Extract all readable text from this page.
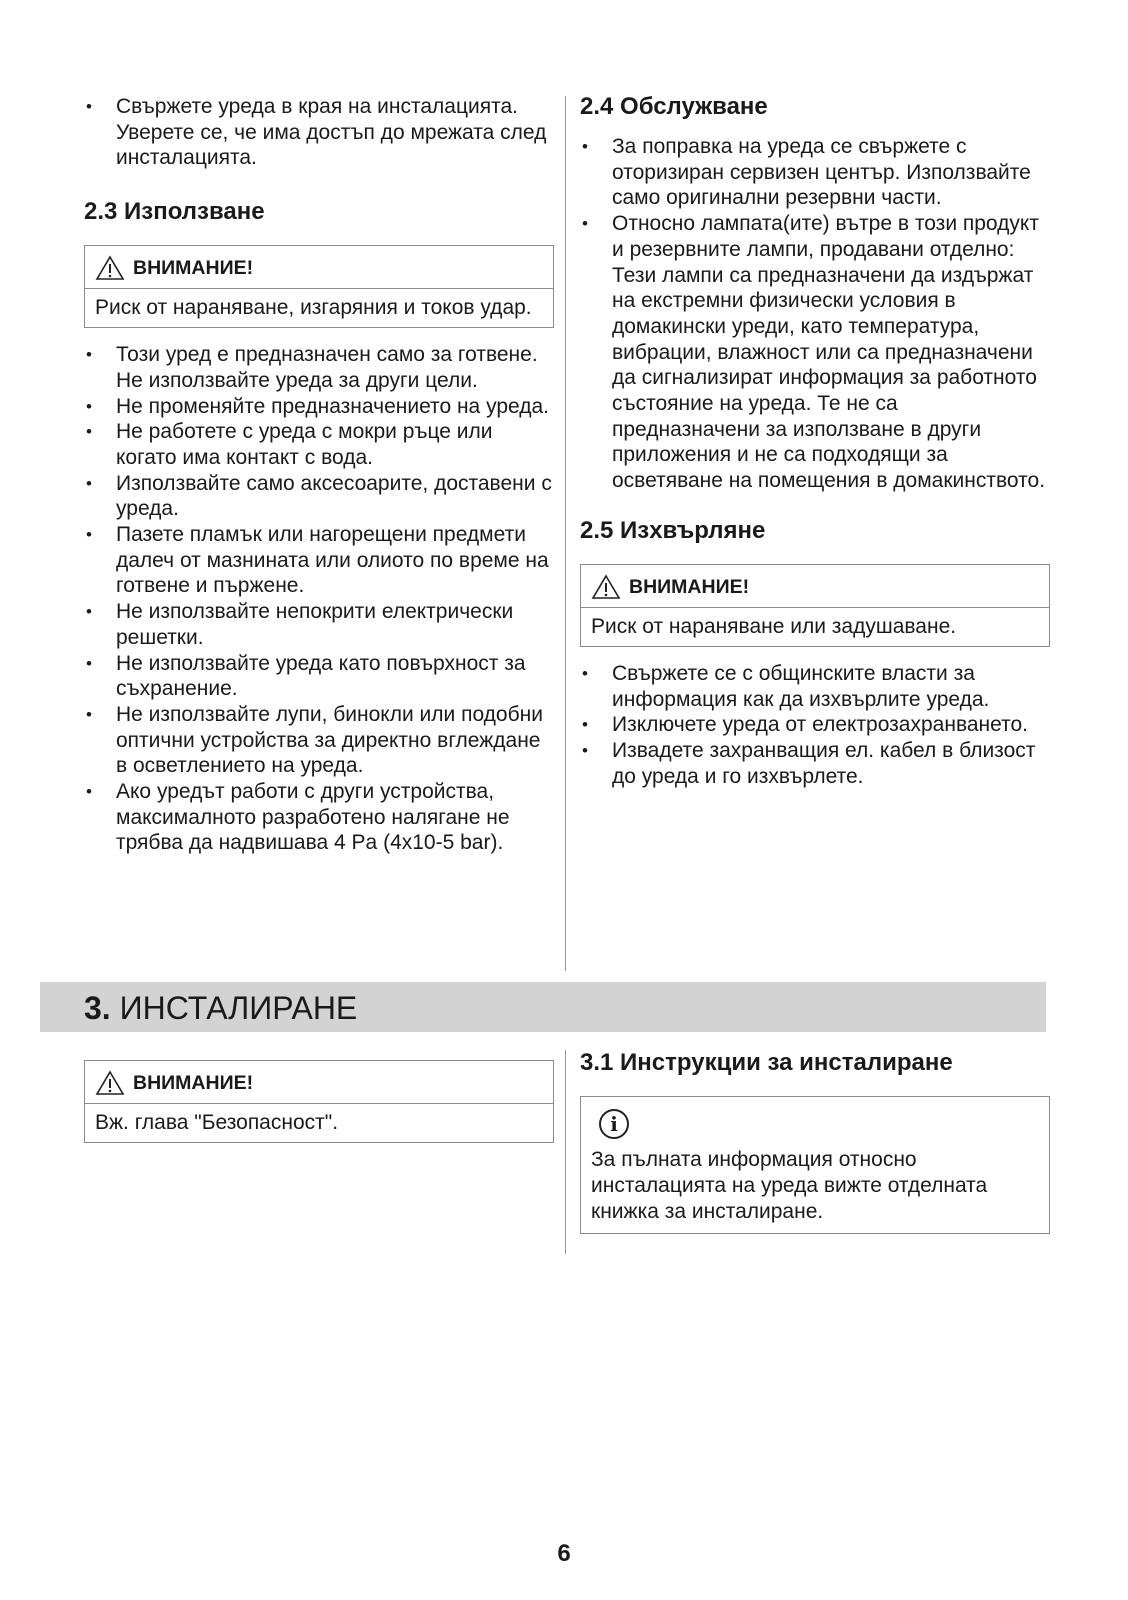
• Свържете уреда в края на инсталацията. Уверете се, че има достъп до мрежата след инсталацията.
2.3 Използване
ВНИМАНИЕ!
Риск от нараняване, изгаряния и токов удар.
• Този уред е предназначен само за готвене. Не използвайте уреда за други цели.
• Не променяйте предназначението на уреда.
• Не работете с уреда с мокри ръце или когато има контакт с вода.
• Използвайте само аксесоарите, доставени с уреда.
• Пазете пламък или нагорещени предмети далеч от мазнината или олиото по време на готвене и пържене.
• Не използвайте непокрити електрически решетки.
• Не използвайте уреда като повърхност за съхранение.
• Не използвайте лупи, бинокли или подобни оптични устройства за директно вглеждане в осветлението на уреда.
• Ако уредът работи с други устройства, максималното разработено налягане не трябва да надвишава 4 Pa (4x10-5 bar).
2.4 Обслужване
• За поправка на уреда се свържете с оторизиран сервизен център. Използвайте само оригинални резервни части.
• Относно лампата(ите) вътре в този продукт и резервните лампи, продавани отделно: Тези лампи са предназначени да издържат на екстремни физически условия в домакински уреди, като температура, вибрации, влажност или са предназначени да сигнализират информация за работното състояние на уреда. Те не са предназначени за използване в други приложения и не са подходящи за осветяване на помещения в домакинството.
2.5 Изхвърляне
ВНИМАНИЕ!
Риск от нараняване или задушаване.
• Свържете се с общинските власти за информация как да изхвърлите уреда.
• Изключете уреда от електрозахранването.
• Извадете захранващия ел. кабел в близост до уреда и го изхвърлете.
3. ИНСТАЛИРАНЕ
ВНИМАНИЕ!
Вж. глава "Безопасност".
3.1 Инструкции за инсталиране
i
За пълната информация относно инсталацията на уреда вижте отделната книжка за инсталиране.
6
